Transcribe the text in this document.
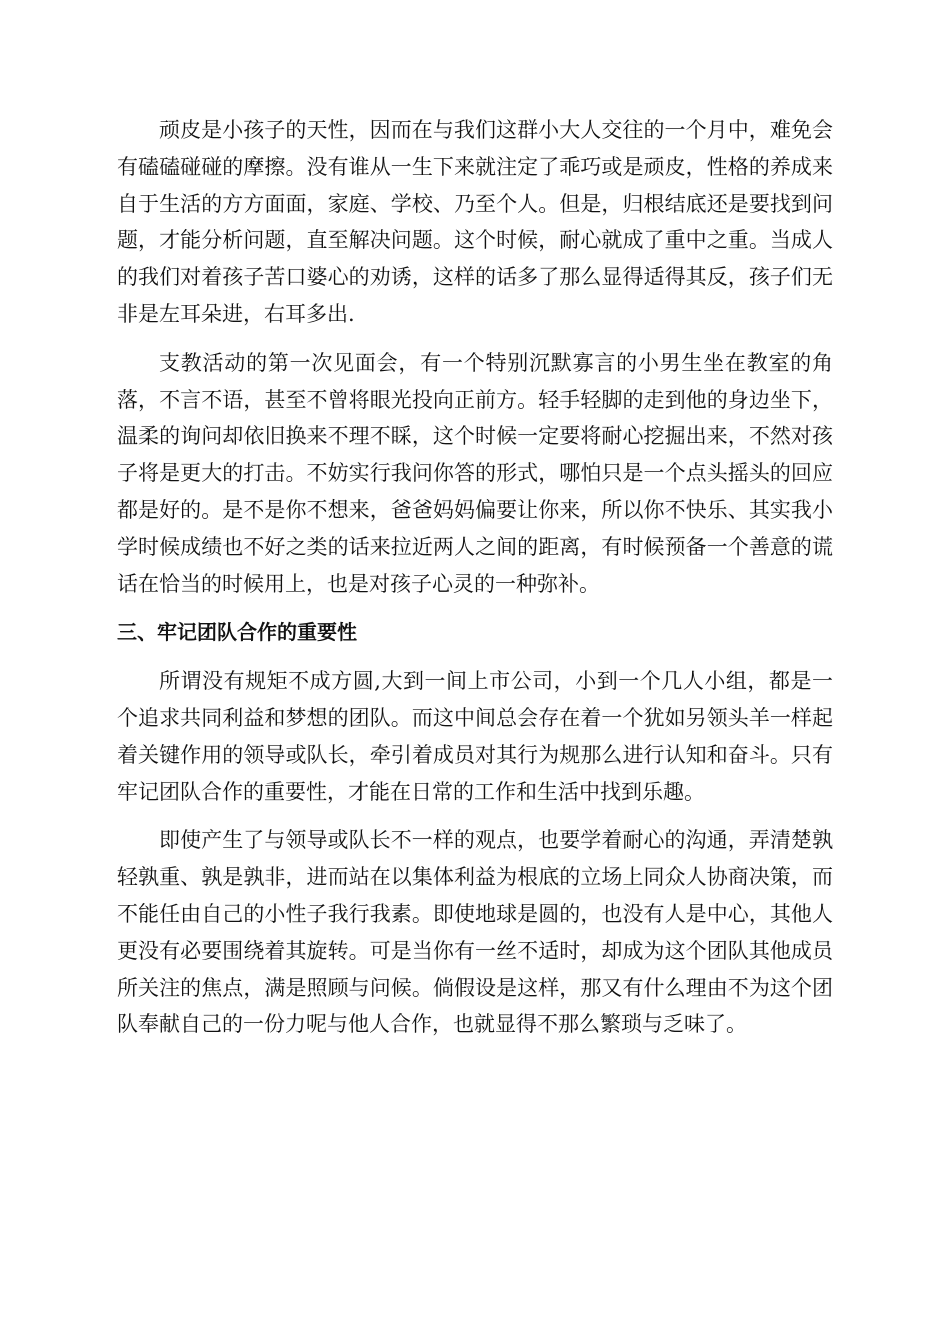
顽皮是小孩子的天性，因而在与我们这群小大人交往的一个月中，难免会有磕磕碰碰的摩擦。没有谁从一生下来就注定了乖巧或是顽皮，性格的养成来自于生活的方方面面，家庭、学校、乃至个人。但是，归根结底还是要找到问题，才能分析问题，直至解决问题。这个时候，耐心就成了重中之重。当成人的我们对着孩子苦口婆心的劝诱，这样的话多了那么显得适得其反，孩子们无非是左耳朵进，右耳多出.

支教活动的第一次见面会，有一个特别沉默寡言的小男生坐在教室的角落，不言不语，甚至不曾将眼光投向正前方。轻手轻脚的走到他的身边坐下，温柔的询问却依旧换来不理不睬，这个时候一定要将耐心挖掘出来，不然对孩子将是更大的打击。不妨实行我问你答的形式，哪怕只是一个点头摇头的回应都是好的。是不是你不想来，爸爸妈妈偏要让你来，所以你不快乐、其实我小学时候成绩也不好之类的话来拉近两人之间的距离，有时候预备一个善意的谎话在恰当的时候用上，也是对孩子心灵的一种弥补。

三、牢记团队合作的重要性

所谓没有规矩不成方圆,大到一间上市公司，小到一个几人小组，都是一个追求共同利益和梦想的团队。而这中间总会存在着一个犹如另领头羊一样起着关键作用的领导或队长，牵引着成员对其行为规那么进行认知和奋斗。只有牢记团队合作的重要性，才能在日常的工作和生活中找到乐趣。

即使产生了与领导或队长不一样的观点，也要学着耐心的沟通，弄清楚孰轻孰重、孰是孰非，进而站在以集体利益为根底的立场上同众人协商决策，而不能任由自己的小性子我行我素。即使地球是圆的，也没有人是中心，其他人更没有必要围绕着其旋转。可是当你有一丝不适时，却成为这个团队其他成员所关注的焦点，满是照顾与问候。倘假设是这样，那又有什么理由不为这个团队奉献自己的一份力呢与他人合作，也就显得不那么繁琐与乏味了。
